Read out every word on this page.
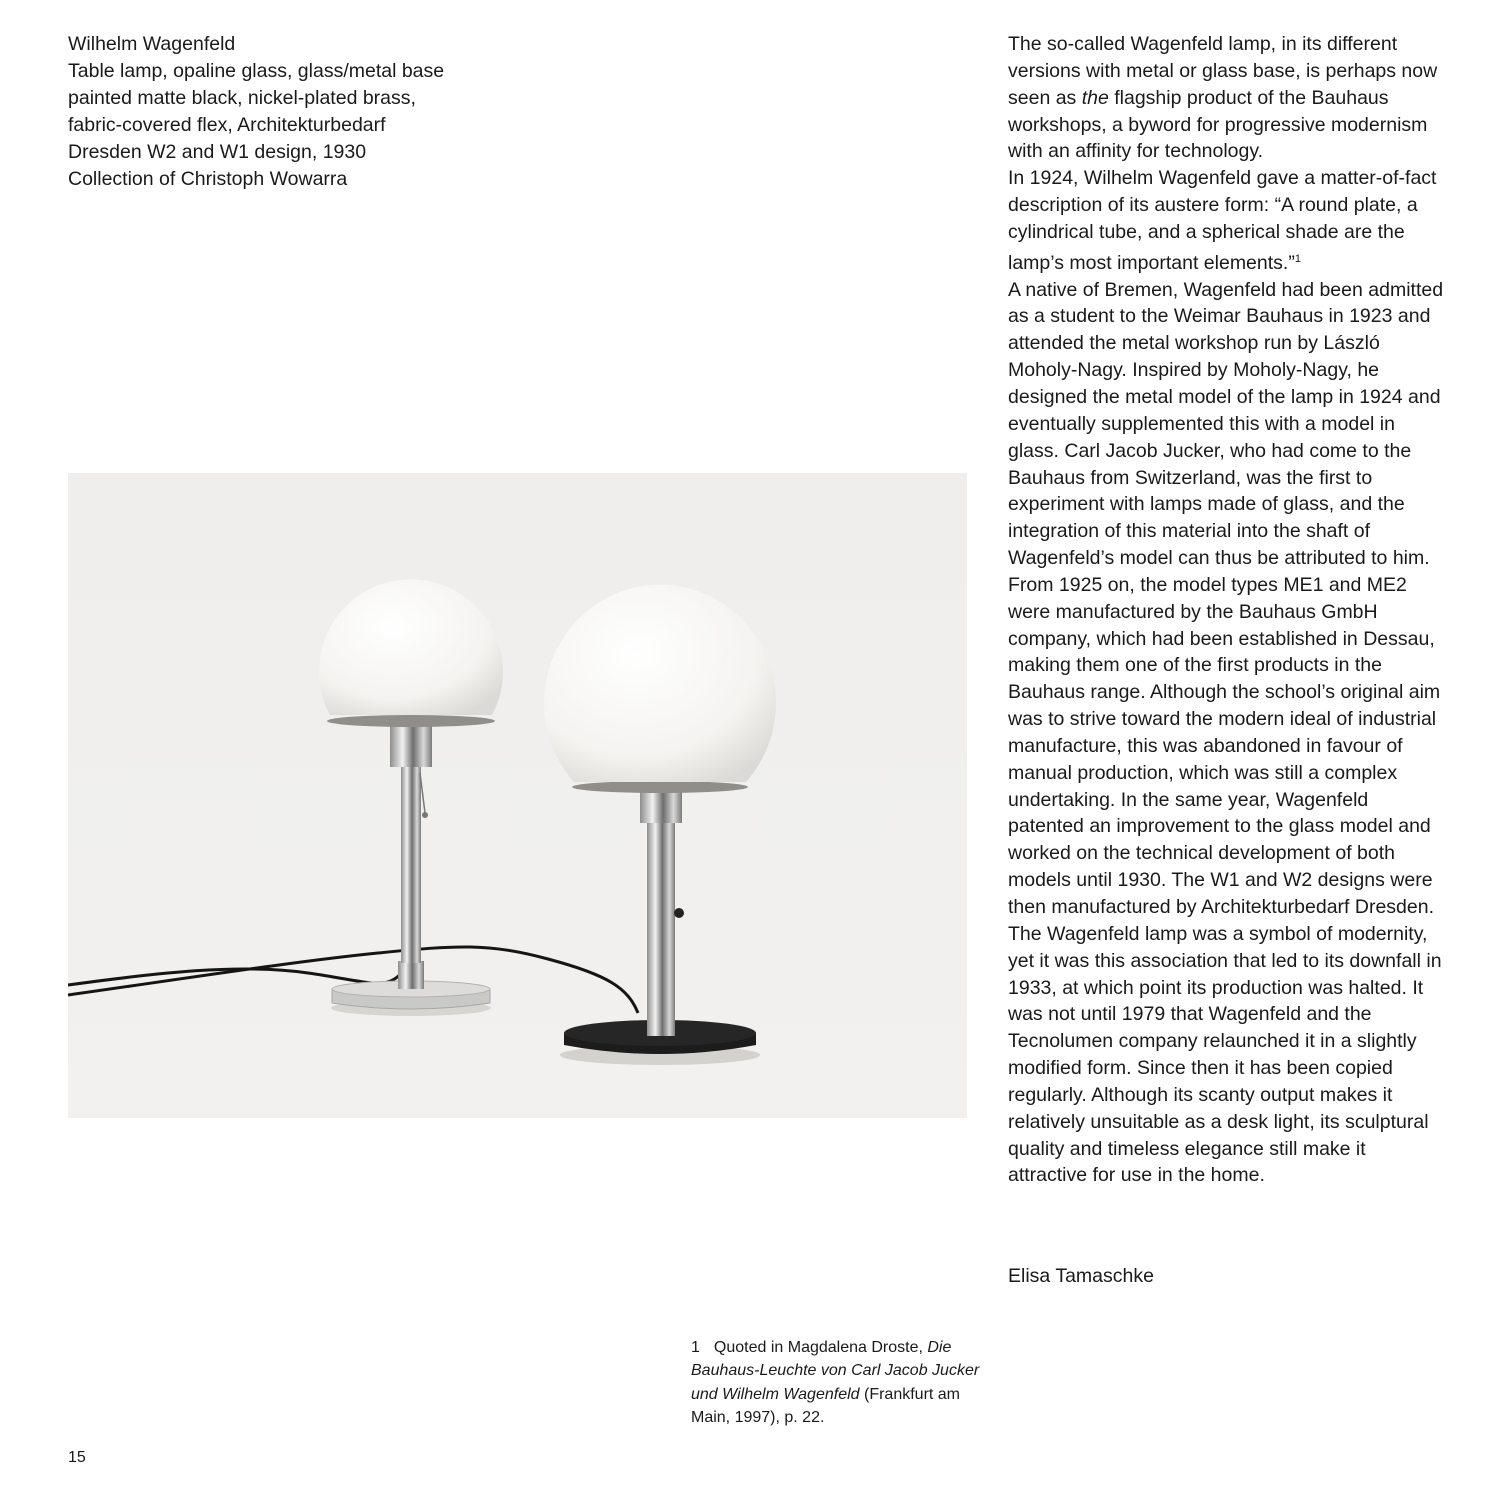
Wilhelm Wagenfeld
Table lamp, opaline glass, glass/metal base
painted matte black, nickel-plated brass,
fabric-covered flex, Architekturbedarf
Dresden W2 and W1 design, 1930
Collection of Christoph Wowarra

The so-called Wagenfeld lamp, in its different versions with metal or glass base, is perhaps now seen as the flagship product of the Bauhaus workshops, a byword for progressive modernism with an affinity for technology.

In 1924, Wilhelm Wagenfeld gave a matter-of-fact description of its austere form: “A round plate, a cylindrical tube, and a spherical shade are the lamp’s most important elements.”$^1$

A native of Bremen, Wagenfeld had been admitted as a student to the Weimar Bauhaus in 1923 and attended the metal workshop run by László Moholy-Nagy. Inspired by Moholy-Nagy, he designed the metal model of the lamp in 1924 and eventually supplemented this with a model in glass. Carl Jacob Jucker, who had come to the Bauhaus from Switzerland, was the first to experiment with lamps made of glass, and the integration of this material into the shaft of Wagenfeld’s model can thus be attributed to him.

From 1925 on, the model types ME1 and ME2 were manufactured by the Bauhaus GmbH company, which had been established in Dessau, making them one of the first products in the Bauhaus range. Although the school’s original aim was to strive toward the modern ideal of industrial manufacture, this was abandoned in favour of manual production, which was still a complex undertaking. In the same year, Wagenfeld patented an improvement to the glass model and worked on the technical development of both models until 1930. The W1 and W2 designs were then manufactured by Architekturbedarf Dresden.

The Wagenfeld lamp was a symbol of modernity, yet it was this association that led to its downfall in 1933, at which point its production was halted. It was not until 1979 that Wagenfeld and the Tecnolumen company relaunched it in a slightly modified form. Since then it has been copied regularly. Although its scanty output makes it relatively unsuitable as a desk light, its sculptural quality and timeless elegance still make it attractive for use in the home.

Elisa Tamaschke
1 Quoted in Magdalena Droste, Die Bauhaus-Leuchte von Carl Jacob Jucker und Wilhelm Wagenfeld (Frankfurt am Main, 1997), p. 22.
15
